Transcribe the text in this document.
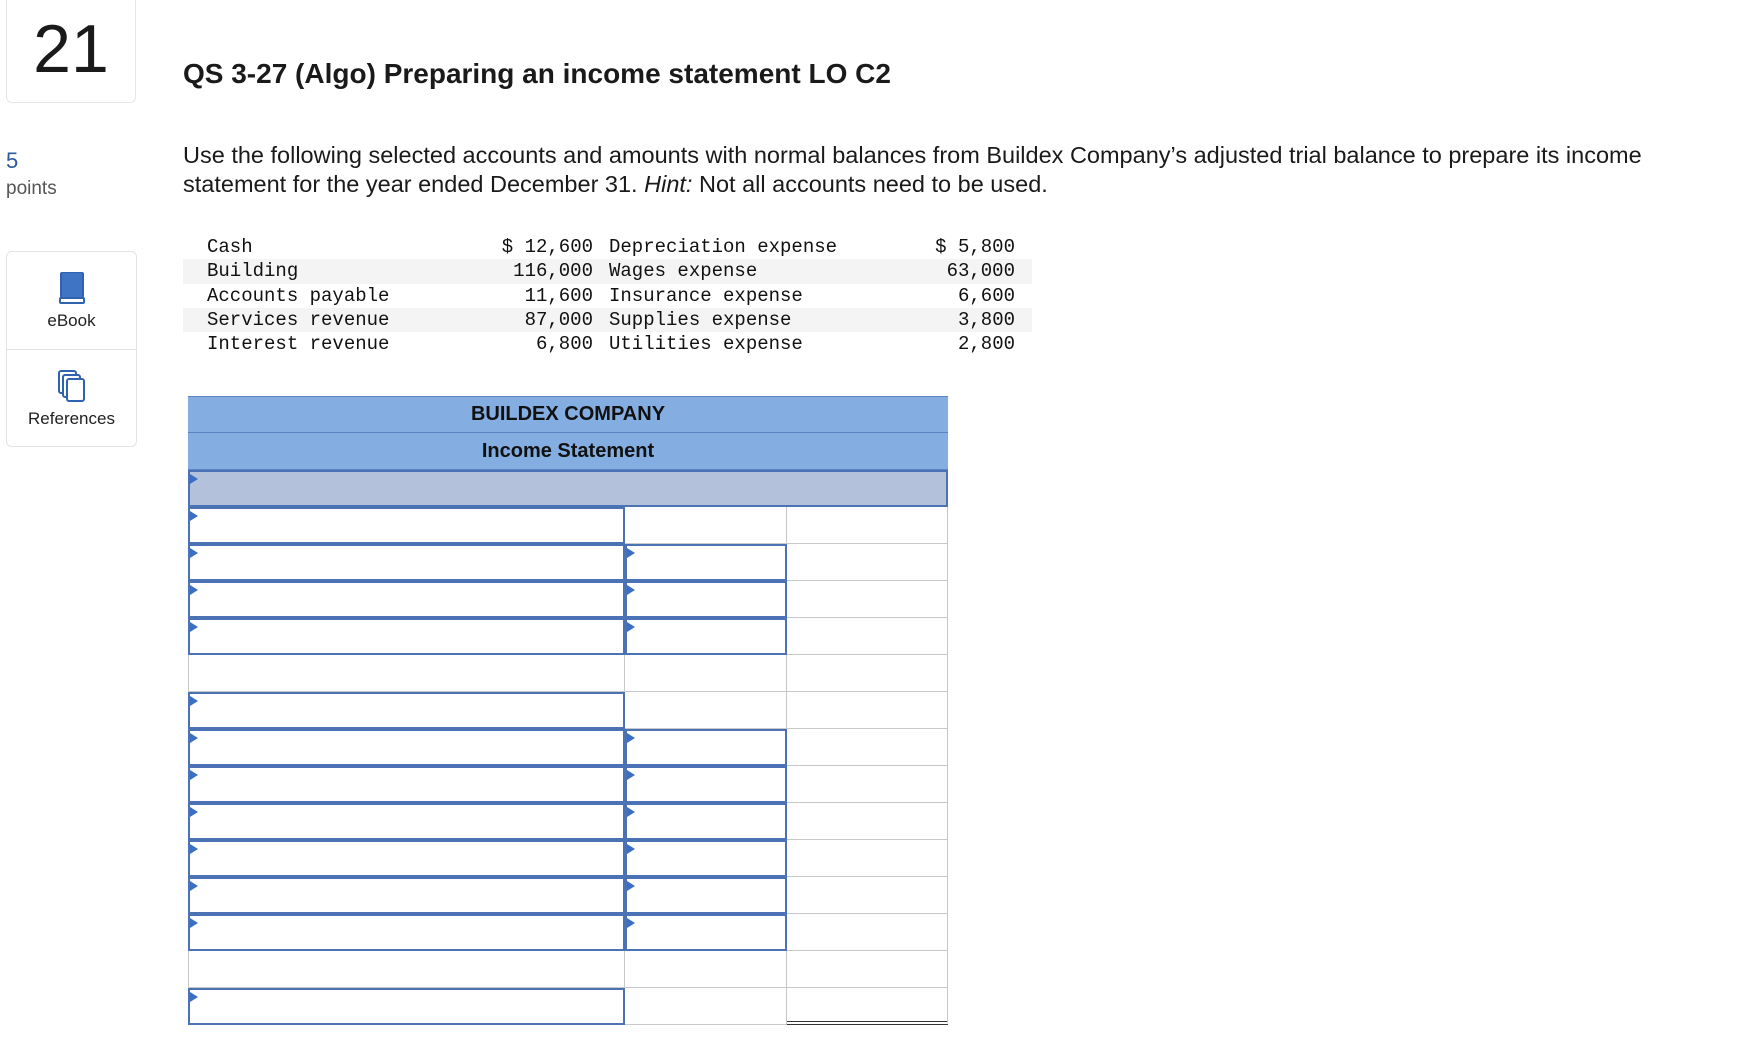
21
5
points
eBook
References
QS 3-27 (Algo) Preparing an income statement LO C2
Use the following selected accounts and amounts with normal balances from Buildex Company’s adjusted trial balance to prepare its income statement for the year ended December 31. Hint: Not all accounts need to be used.
Cash	$ 12,600	Depreciation expense	$ 5,800
Building	116,000	Wages expense	63,000
Accounts payable	11,600	Insurance expense	6,600
Services revenue	87,000	Supplies expense	3,800
Interest revenue	6,800	Utilities expense	2,800
BUILDEX COMPANY
Income Statement
